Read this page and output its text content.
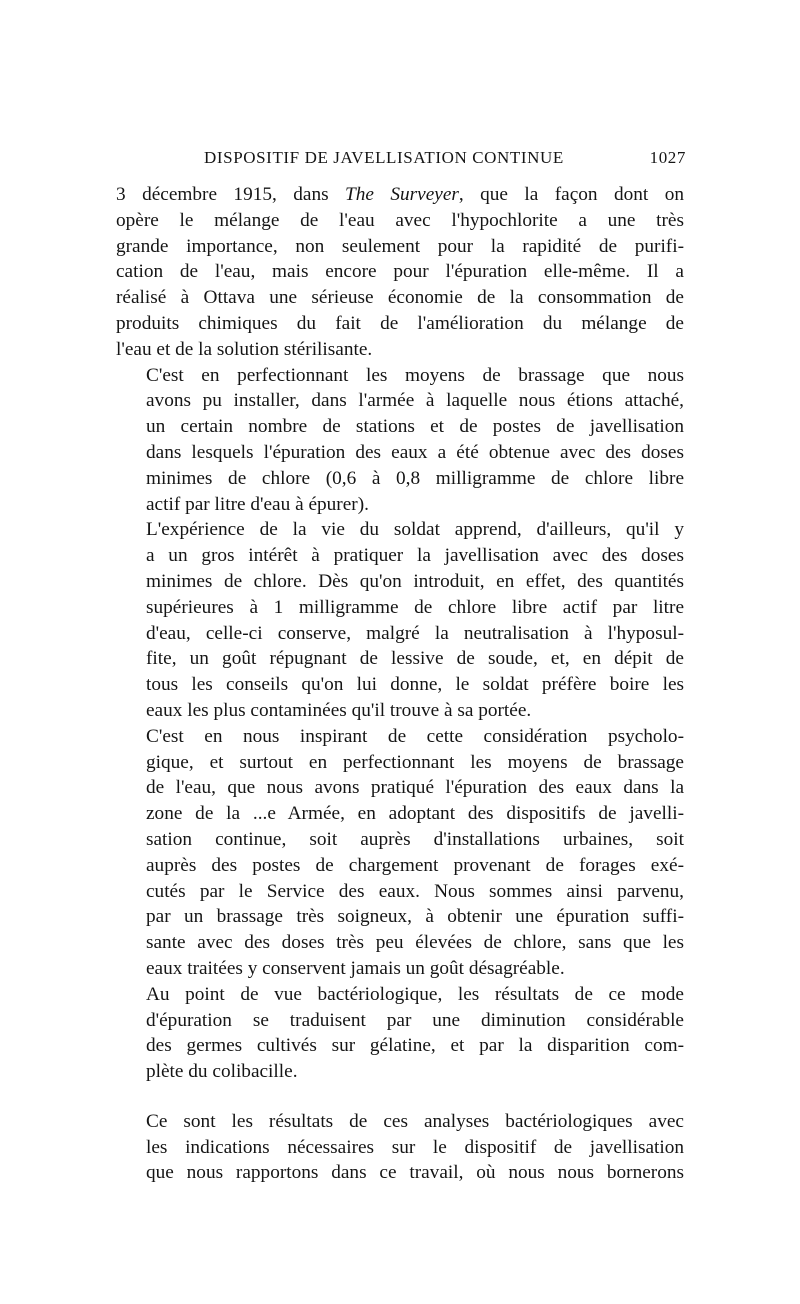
DISPOSITIF DE JAVELLISATION CONTINUE	1027

3 décembre 1915, dans The Surveyer, que la façon dont on
opère le mélange de l'eau avec l'hypochlorite a une très
grande importance, non seulement pour la rapidité de purifi-
cation de l'eau, mais encore pour l'épuration elle-même. Il a
réalisé à Ottava une sérieuse économie de la consommation de
produits chimiques du fait de l'amélioration du mélange de
l'eau et de la solution stérilisante.

C'est en perfectionnant les moyens de brassage que nous
avons pu installer, dans l'armée à laquelle nous étions attaché,
un certain nombre de stations et de postes de javellisation
dans lesquels l'épuration des eaux a été obtenue avec des doses
minimes de chlore (0,6 à 0,8 milligramme de chlore libre
actif par litre d'eau à épurer).

L'expérience de la vie du soldat apprend, d'ailleurs, qu'il y
a un gros intérêt à pratiquer la javellisation avec des doses
minimes de chlore. Dès qu'on introduit, en effet, des quantités
supérieures à 1 milligramme de chlore libre actif par litre
d'eau, celle-ci conserve, malgré la neutralisation à l'hyposul-
fite, un goût répugnant de lessive de soude, et, en dépit de
tous les conseils qu'on lui donne, le soldat préfère boire les
eaux les plus contaminées qu'il trouve à sa portée.

C'est en nous inspirant de cette considération psycholo-
gique, et surtout en perfectionnant les moyens de brassage
de l'eau, que nous avons pratiqué l'épuration des eaux dans la
zone de la ...e Armée, en adoptant des dispositifs de javelli-
sation continue, soit auprès d'installations urbaines, soit
auprès des postes de chargement provenant de forages exé-
cutés par le Service des eaux. Nous sommes ainsi parvenu,
par un brassage très soigneux, à obtenir une épuration suffi-
sante avec des doses très peu élevées de chlore, sans que les
eaux traitées y conservent jamais un goût désagréable.

Au point de vue bactériologique, les résultats de ce mode
d'épuration se traduisent par une diminution considérable
des germes cultivés sur gélatine, et par la disparition com-
plète du colibacille.

Ce sont les résultats de ces analyses bactériologiques avec
les indications nécessaires sur le dispositif de javellisation
que nous rapportons dans ce travail, où nous nous bornerons
